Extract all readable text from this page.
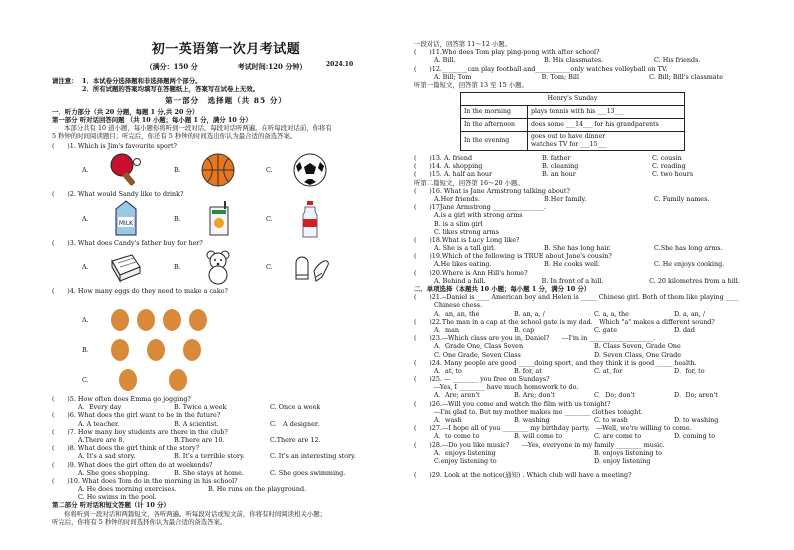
初一英语第一次月考试题
（满分：150 分	考试时间:120 分钟）
请注意： 1．本试卷分选择题和非选择题两个部分。
2．所有试题的答案均填写在答题纸上，答案写在试卷上无效。
第一部分　选择题（共 85 分）
一．听力部分（共 20 分题，每题 1 分,共 20 分）
第一部分 听对话回答问题 （共 10 小题；每小题 1 分，满分 10 分）
本部分共有 10 道小题，每小题你将听到一段对话，每段对话听两遍。在听每段对话前，你将有
5 秒钟的时间阅读题目；听完后，你还有 5 秒钟的时间选出你认为最合适的备选答案。
(　　)1. Which is Jim's favourite sport?
A.	B.	C.
(　　)2. What would Sandy like to drink?
A.
MILK
B.	C.
(　　)3. What does Candy's father buy for her?
A.	B.	C.
(　　)4. How many eggs do they need to make a cake?
A.
B.
C.
(　　)5. How often does Emma go jogging?
A．Every day	B. Twice a week	C. Once a week
(　　)6. What does the girl want to be in the future?
A. A teacher.	B. A scientist.	C.　A designer.
(　　)7. How many boy students are there in the club?
A.There are 8.	B.There are 10.	C.There are 12.
(　　)8. What does the girl think of the story?
A. It's a sad story.	B. It's a terrible story.	C. It's an interesting story.
(　　)9. What does the girl often do at weekends?
A. She goes shopping.	B. She stays at home.	C. She goes swimming.
(　　)10. What does Tom do in the morning in his school?
A. He does morning exercises.	B. He runs on the playground.
C. He swims in the pool.
第二部分 听对话和短文答题（计 10 分）
你将听到一段对话和两篇短文，各听两遍。听每段对话或短文前，你将有时间阅读相关小题；
听完后，你将有 5 秒钟的时间选择你认为最合适的备选答案。
2024.10
一段对话，回答第 11～12 小题。
(　　)11.Who does Tom play ping-pong with after school?
A. Bill.	B. His classmates.	C. His friends.
(　　)12.________can play football and___________only watches volleyball on TV.
A. Bill; Tom	B. Tom; Bill	C. Bill; Bill's classmate
听第一篇短文，回答第 13 至 15 小题。
Henry's Sunday	
In the morning	plays tennis with his ___13___
In the afternoon	does some ___14___ for his grandparents
In the evening	goes out to have dinner
watches TV for ___15___
(　　)13. A. friend	B. father	C. cousin
(　　)14. A. shopping	B. cleaning	C. reading
(　　)15. A. half an hour	B. an hour	C. two hours
听第二篇短文，回答第 16～20 小题。
(　　)16. What is Jane Armstrong talking about?
A.Her friends.	B.Her family.	C. Family names.
(　　)17Jane Armstrong ________________.
A.is a girl with strong arms
B. is a slim girl
C. likes strong arms
(　　)18.What is Lucy Long like?
A. She is a tall girl.	B. She has long hair.	C.She has long arms.
(　　)19.Which of the following is TRUE about Jane's cousin?
A.He likes eating.	B. He cooks well.	C. He enjoys cooking.
(　　)20.Where is Ann Hill's home?
A. Behind a hill.	B. In front of a hill.	C. 20 kilometres from a hill.
二．单项选择（本题共 10 小题；每小题 1 分，满分 10 分）
(　　)21.--Daniel is ____ American boy and Helen is _____ Chinese girl. Both of them like playing ____
Chinese chess.
A．an, an, the	B. an, a, /	C. a, a, the	D. a, an, /
(　　)22.The man in a cap at the school gate is my dad.　Which "a" makes a different sound?
A．man	B. cap	C. gate	D. dad
(　　)23.---Which class are you in, Daniel?　　---I'm in ____________________.
A．Grade One, Class Seven	B. Class Seven, Grade One
C. One Grade, Seven Class	D. Seven Class, One Grade
(　　)24. Many people are good _____doing sport, and they think it is good _____ health.
A．at, to	B. for, at	C. at, for	D．for, to
(　　)25. --- ________ you free on Sundays?
---Yes, I ________ have much homework to do.
A．Are; aren't	B. Are; don't	C．Do; don't	D．Do; aren't
(　　)26.---Will you come and watch the film with us tonight?
---I'm glad to. But my mother makes me ________ clothes tonight.
A．wash	B. washing	C. to wash	D. to washing
(　　)27.---I hope all of you ________ my birthday party.　---Well, we're willing to come.
A．to come to	B. will come to	C. are come to	D. coming to
(　　)28.---Do you like music?　　---Yes, everyone in my family ________ music.
A．enjoys listening	B. enjoys listening to
C.enjoy listening to	D. enjoy listening
(　　)29. Look at the notice(通知) . Which club will have a meeting?
